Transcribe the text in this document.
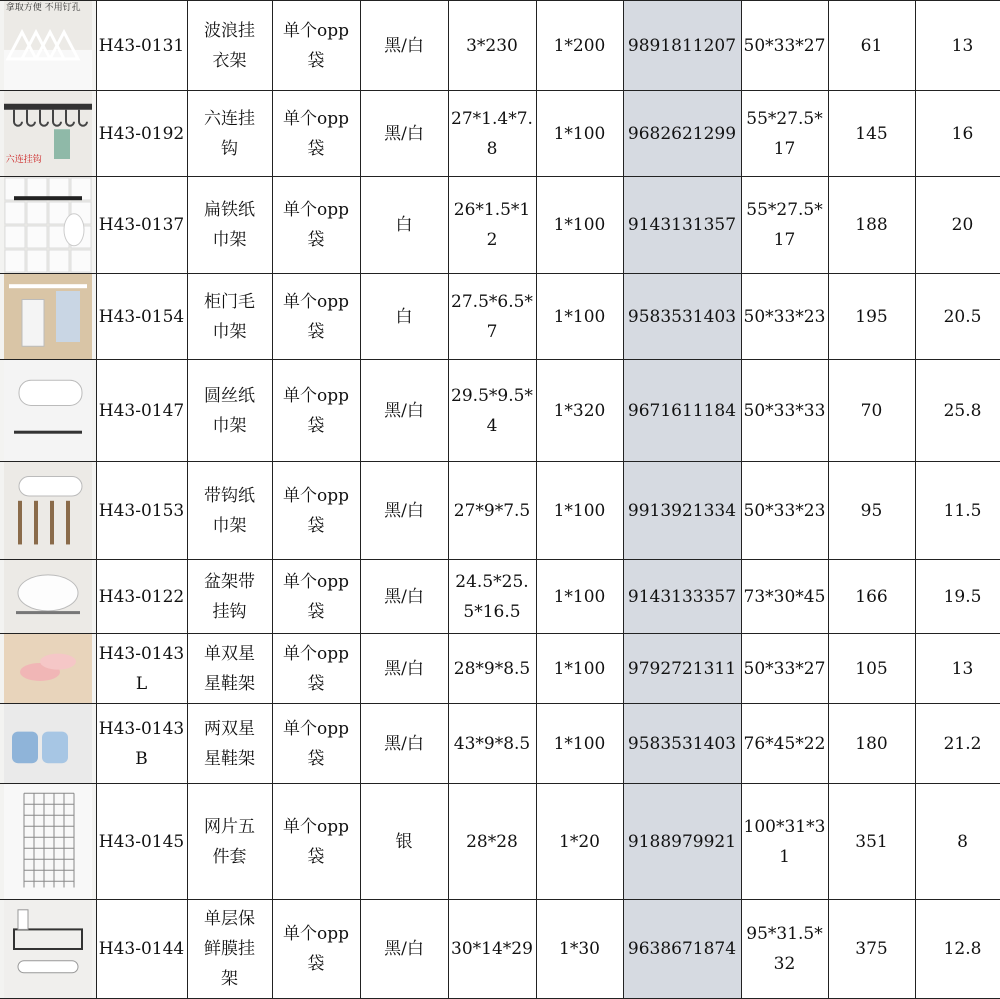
拿取方便 不用钉孔	H43-0131	波浪挂衣架	单个opp袋	黑/白	3*230	1*200	9891811207	50*33*27	61	13

六连挂钩	H43-0192	六连挂钩	单个opp袋	黑/白	27*1.4*7.8	1*100	9682621299	55*27.5*17	145	16

	H43-0137	扁铁纸巾架	单个opp袋	白	26*1.5*12	1*100	9143131357	55*27.5*17	188	20

	H43-0154	柜门毛巾架	单个opp袋	白	27.5*6.5*7	1*100	9583531403	50*33*23	195	20.5

	H43-0147	圆丝纸巾架	单个opp袋	黑/白	29.5*9.5*4	1*320	9671611184	50*33*33	70	25.8

	H43-0153	带钩纸巾架	单个opp袋	黑/白	27*9*7.5	1*100	9913921334	50*33*23	95	11.5

	H43-0122	盆架带挂钩	单个opp袋	黑/白	24.5*25.5*16.5	1*100	9143133357	73*30*45	166	19.5

	H43-0143L	单双星星鞋架	单个opp袋	黑/白	28*9*8.5	1*100	9792721311	50*33*27	105	13

	H43-0143B	两双星星鞋架	单个opp袋	黑/白	43*9*8.5	1*100	9583531403	76*45*22	180	21.2

	H43-0145	网片五件套	单个opp袋	银	28*28	1*20	9188979921	100*31*31	351	8

	H43-0144	单层保鲜膜挂架	单个opp袋	黑/白	30*14*29	1*30	9638671874	95*31.5*32	375	12.8
